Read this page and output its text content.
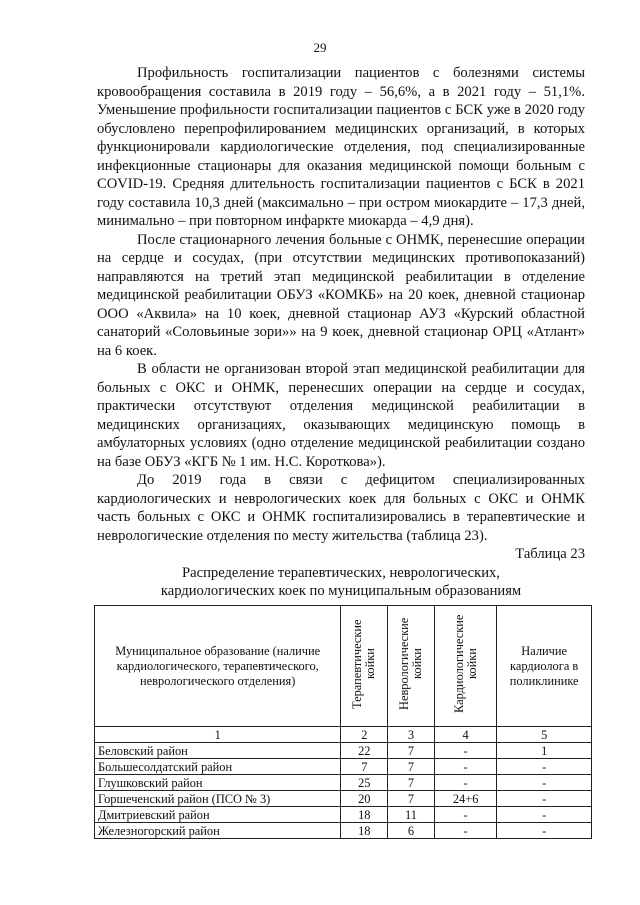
29

Профильность госпитализации пациентов с болезнями системы кровообращения составила в 2019 году – 56,6%, а в 2021 году – 51,1%. Уменьшение профильности госпитализации пациентов с БСК уже в 2020 году обусловлено перепрофилированием медицинских организаций, в которых функционировали кардиологические отделения, под специализированные инфекционные стационары для оказания медицинской помощи больным с COVID-19. Средняя длительность госпитализации пациентов с БСК в 2021 году составила 10,3 дней (максимально – при остром миокардите – 17,3 дней, минимально – при повторном инфаркте миокарда – 4,9 дня).

После стационарного лечения больные с ОНМК, перенесшие операции на сердце и сосудах, (при отсутствии медицинских противопоказаний) направляются на третий этап медицинской реабилитации в отделение медицинской реабилитации ОБУЗ «КОМКБ» на 20 коек, дневной стационар ООО «Аквила» на 10 коек, дневной стационар АУЗ «Курский областной санаторий «Соловьиные зори»» на 9 коек, дневной стационар ОРЦ «Атлант» на 6 коек.

В области не организован второй этап медицинской реабилитации для больных с ОКС и ОНМК, перенесших операции на сердце и сосудах, практически отсутствуют отделения медицинской реабилитации в медицинских организациях, оказывающих медицинскую помощь в амбулаторных условиях (одно отделение медицинской реабилитации создано на базе ОБУЗ «КГБ № 1 им. Н.С. Короткова»).

До 2019 года в связи с дефицитом специализированных кардиологических и неврологических коек для больных с ОКС и ОНМК часть больных с ОКС и ОНМК госпитализировались в терапевтические и неврологические отделения по месту жительства (таблица 23).

Таблица 23
Распределение терапевтических, неврологических,
кардиологических коек по муниципальным образованиям
Муниципальное образование (наличие кардиологического, терапевтического, неврологического отделения)	Терапевтические койки	Неврологические койки	Кардиологические койки	Наличие кардиолога в поликлинике
1	2	3	4	5
Беловский район	22	7	-	1
Большесолдатский район	7	7	-	-
Глушковский район	25	7	-	-
Горшеченский район (ПСО № 3)	20	7	24+6	-
Дмитриевский район	18	11	-	-
Железногорский район	18	6	-	-
